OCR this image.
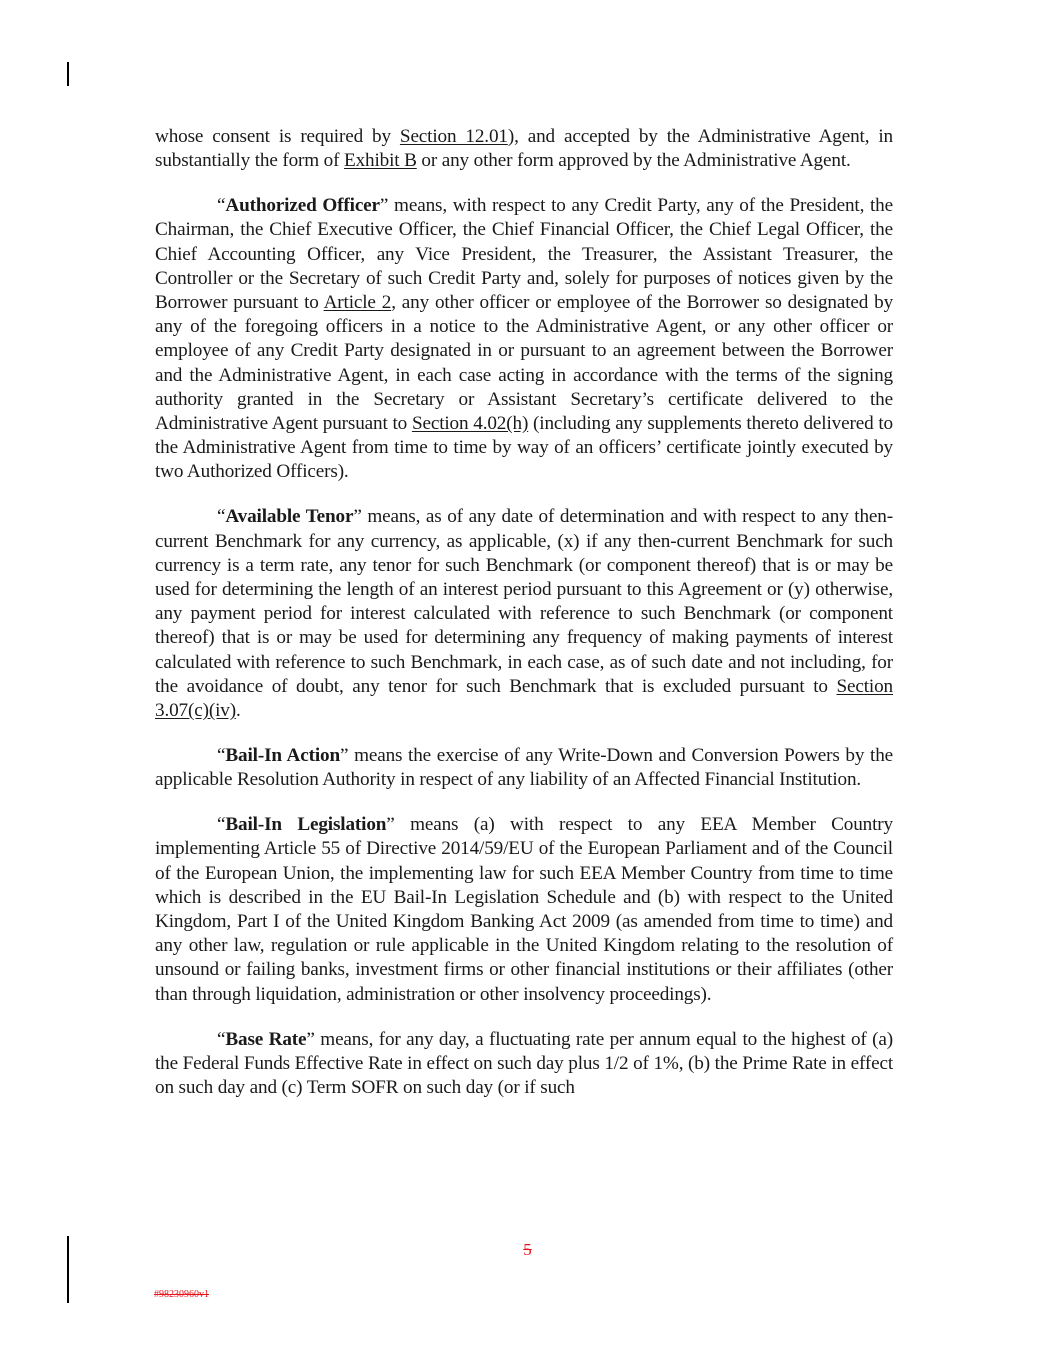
whose consent is required by Section 12.01), and accepted by the Administrative Agent, in substantially the form of Exhibit B or any other form approved by the Administrative Agent.

“Authorized Officer” means, with respect to any Credit Party, any of the President, the Chairman, the Chief Executive Officer, the Chief Financial Officer, the Chief Legal Officer, the Chief Accounting Officer, any Vice President, the Treasurer, the Assistant Treasurer, the Controller or the Secretary of such Credit Party and, solely for purposes of notices given by the Borrower pursuant to Article 2, any other officer or employee of the Borrower so designated by any of the foregoing officers in a notice to the Administrative Agent, or any other officer or employee of any Credit Party designated in or pursuant to an agreement between the Borrower and the Administrative Agent, in each case acting in accordance with the terms of the signing authority granted in the Secretary or Assistant Secretary’s certificate delivered to the Administrative Agent pursuant to Section 4.02(h) (including any supplements thereto delivered to the Administrative Agent from time to time by way of an officers’ certificate jointly executed by two Authorized Officers).

“Available Tenor” means, as of any date of determination and with respect to any then-current Benchmark for any currency, as applicable, (x) if any then-current Benchmark for such currency is a term rate, any tenor for such Benchmark (or component thereof) that is or may be used for determining the length of an interest period pursuant to this Agreement or (y) otherwise, any payment period for interest calculated with reference to such Benchmark (or component thereof) that is or may be used for determining any frequency of making payments of interest calculated with reference to such Benchmark, in each case, as of such date and not including, for the avoidance of doubt, any tenor for such Benchmark that is excluded pursuant to Section 3.07(c)(iv).

“Bail-In Action” means the exercise of any Write-Down and Conversion Powers by the applicable Resolution Authority in respect of any liability of an Affected Financial Institution.

“Bail-In Legislation” means (a) with respect to any EEA Member Country implementing Article 55 of Directive 2014/59/EU of the European Parliament and of the Council of the European Union, the implementing law for such EEA Member Country from time to time which is described in the EU Bail-In Legislation Schedule and (b) with respect to the United Kingdom, Part I of the United Kingdom Banking Act 2009 (as amended from time to time) and any other law, regulation or rule applicable in the United Kingdom relating to the resolution of unsound or failing banks, investment firms or other financial institutions or their affiliates (other than through liquidation, administration or other insolvency proceedings).

“Base Rate” means, for any day, a fluctuating rate per annum equal to the highest of (a) the Federal Funds Effective Rate in effect on such day plus 1/2 of 1%, (b) the Prime Rate in effect on such day and (c) Term SOFR on such day (or if such

5
#98230960v1
